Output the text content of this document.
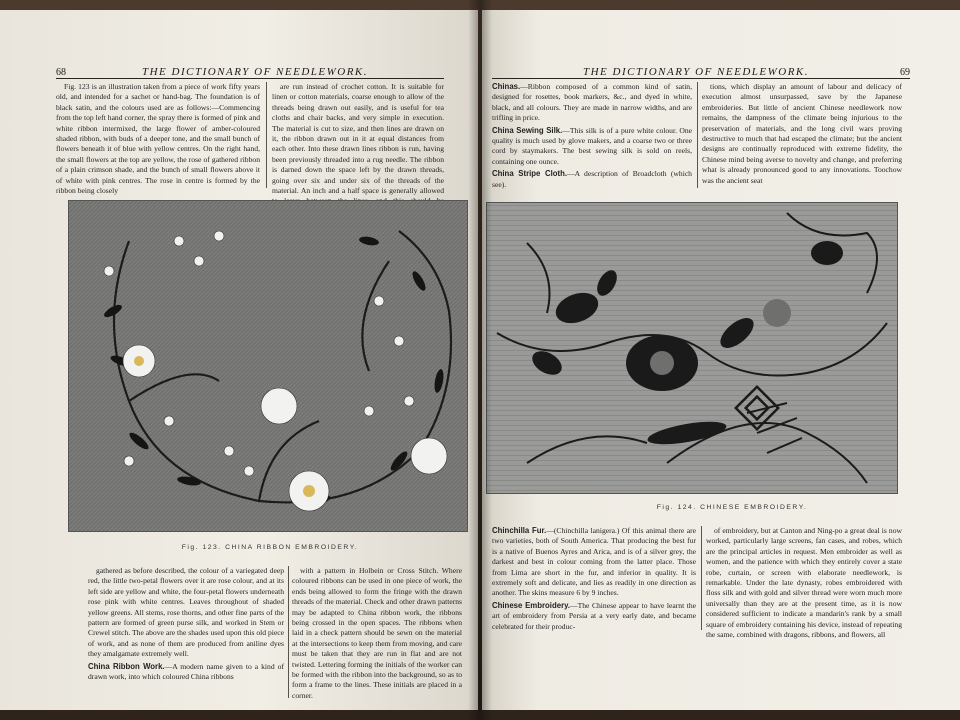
68	THE DICTIONARY OF NEEDLEWORK.

Fig. 123 is an illustration taken from a piece of work fifty years old, and intended for a sachet or hand-bag. The foundation is of black satin, and the colours used are as follows:—Commencing from the top left hand corner, the spray there is formed of pink and white ribbon intermixed, the large flower of amber-coloured shaded ribbon, with buds of a deeper tone, and the small bunch of flowers beneath it of blue with yellow centres. On the right hand, the small flowers at the top are yellow, the rose of gathered ribbon of a plain crimson shade, and the bunch of small flowers above it of white with pink centres. The rose in centre is formed by the ribbon being closely

are run instead of crochet cotton. It is suitable for linen or cotton materials, coarse enough to allow of the threads being drawn out easily, and is useful for tea cloths and chair backs, and very simple in execution. The material is cut to size, and then lines are drawn on it, the ribbon drawn out in it at equal distances from each other. Into these drawn lines ribbon is run, having been previously threaded into a rug needle. The ribbon is darned down the space left by the drawn threads, going over six and under six of the threads of the material. An inch and a half space is generally allowed

Fig. 123. CHINA RIBBON EMBROIDERY.

gathered as before described, the colour of a variegated deep red, the little two-petal flowers over it are rose colour, and at its left side are yellow and white, the four-petal flowers underneath rose pink with white centres. Leaves throughout of shaded yellow greens. All stems, rose thorns, and other fine parts of the pattern are formed of green purse silk, and worked in Stem or Crewel stitch. The above are the shades used upon this old piece of work, and as none of them are produced from aniline dyes they amalgamate extremely well.

China Ribbon Work.—A modern name given to a kind of drawn work, into which coloured China ribbons

with a pattern in Holbein or Cross Stitch. Where coloured ribbons can be used in one piece of work, the ends being allowed to form the fringe with the drawn threads of the material. Check and other drawn patterns may be adapted to China ribbon work, the ribbons being crossed in the open spaces. The ribbons when laid in a check pattern should be sewn on the material at the intersections to keep them from moving, and care must be taken that they are run in flat and are not twisted. Lettering forming the initials of the worker can be formed with the ribbon into the background, so as to form a frame to the lines. These initials are placed in a corner.

THE DICTIONARY OF NEEDLEWORK.	69

Chinas.—Ribbon composed of a common kind of satin, designed for rosettes, book markers, &c., and dyed in white, black, and all colours. They are made in narrow widths, and are trifling in price.

China Sewing Silk.—This silk is of a pure white colour. One quality is much used by glove makers, and a coarse two or three cord by staymakers. The best sewing silk is sold on reels, containing one ounce.

China Stripe Cloth.—A description of Broadcloth (which see).

tions, which display an amount of labour and delicacy of execution almost unsurpassed, save by the Japanese embroideries. But little of ancient Chinese needlework now remains, the dampness of the climate being injurious to the preservation of materials, and the long civil wars proving destructive to much that had escaped the climate; but the ancient designs are continually reproduced with extreme fidelity, the Chinese mind being averse to novelty and change, and preferring what is already pronounced good to any innovations. Toochow was the ancient seat

Fig. 124. CHINESE EMBROIDERY.

Chinchilla Fur.—(Chinchilla lanigera.) Of this animal there are two varieties, both of South America. That producing the best fur is a native of Buenos Ayres and Arica, and is of a silver grey, the darkest and best in colour coming from the latter place. Those from Lima are short in the fur, and inferior in quality. It is extremely soft and delicate, and lies as readily in one direction as another. The skins measure 6 by 9 inches.

Chinese Embroidery.—The Chinese appear to have learnt the art of embroidery from Persia at a very early date, and became celebrated for their produc-

of embroidery, but at Canton and Ning-po a great deal is now worked, particularly large screens, fan cases, and robes, which are the principal articles in request. Men embroider as well as women, and the patience with which they entirely cover a state robe, curtain, or screen with elaborate needlework, is remarkable. Under the late dynasty, robes embroidered with floss silk and with gold and silver thread were worn much more universally than they are at the present time, as it is now considered sufficient to indicate a mandarin's rank by a small square of embroidery containing his device, instead of repeating the same, combined with dragons, ribbons, and flowers, all
